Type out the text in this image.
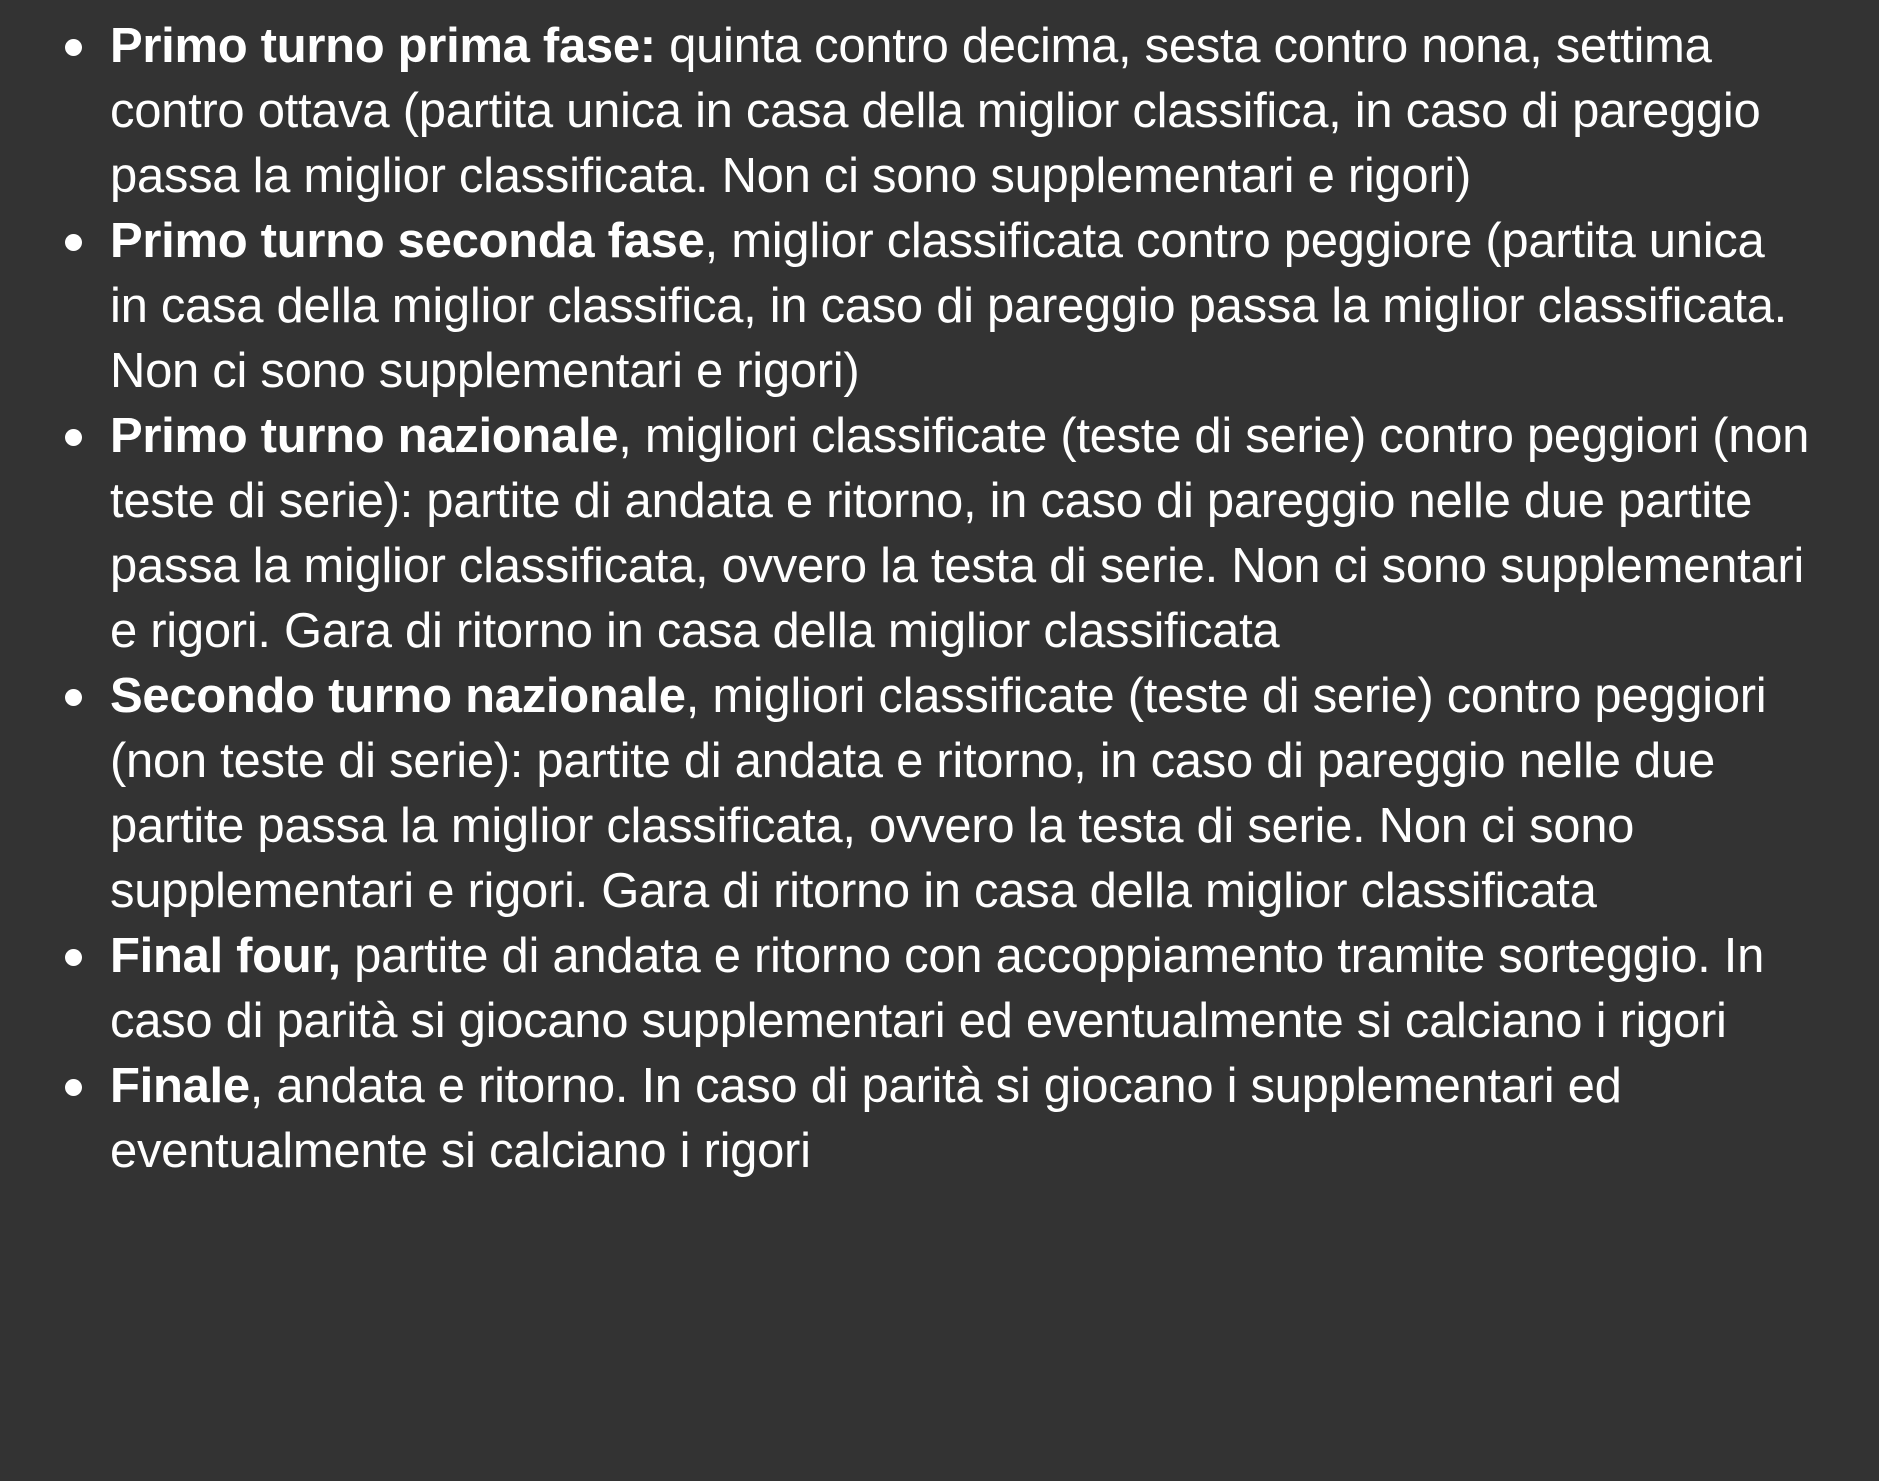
Primo turno prima fase: quinta contro decima, sesta contro nona, settima contro ottava (partita unica in casa della miglior classifica, in caso di pareggio passa la miglior classificata. Non ci sono supplementari e rigori)
Primo turno seconda fase, miglior classificata contro peggiore (partita unica in casa della miglior classifica, in caso di pareggio passa la miglior classificata. Non ci sono supplementari e rigori)
Primo turno nazionale, migliori classificate (teste di serie) contro peggiori (non teste di serie): partite di andata e ritorno, in caso di pareggio nelle due partite passa la miglior classificata, ovvero la testa di serie. Non ci sono supplementari e rigori. Gara di ritorno in casa della miglior classificata
Secondo turno nazionale, migliori classificate (teste di serie) contro peggiori (non teste di serie): partite di andata e ritorno, in caso di pareggio nelle due partite passa la miglior classificata, ovvero la testa di serie. Non ci sono supplementari e rigori. Gara di ritorno in casa della miglior classificata
Final four, partite di andata e ritorno con accoppiamento tramite sorteggio. In caso di parità si giocano supplementari ed eventualmente si calciano i rigori
Finale, andata e ritorno. In caso di parità si giocano i supplementari ed eventualmente si calciano i rigori
